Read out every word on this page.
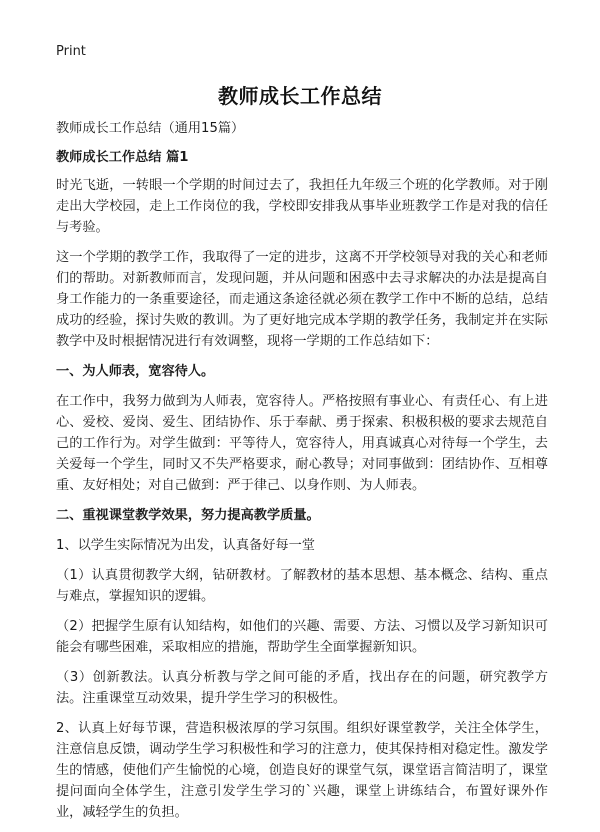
Print
教师成长工作总结

教师成长工作总结（通用15篇）

教师成长工作总结 篇1

时光飞逝，一转眼一个学期的时间过去了，我担任九年级三个班的化学教师。对于刚走出大学校园，走上工作岗位的我，学校即安排我从事毕业班教学工作是对我的信任与考验。

这一个学期的教学工作，我取得了一定的进步，这离不开学校领导对我的关心和老师们的帮助。对新教师而言，发现问题，并从问题和困惑中去寻求解决的办法是提高自身工作能力的一条重要途径，而走通这条途径就必须在教学工作中不断的总结，总结成功的经验，探讨失败的教训。为了更好地完成本学期的教学任务，我制定并在实际教学中及时根据情况进行有效调整，现将一学期的工作总结如下：

一、为人师表，宽容待人。

在工作中，我努力做到为人师表，宽容待人。严格按照有事业心、有责任心、有上进心、爱校、爱岗、爱生、团结协作、乐于奉献、勇于探索、积极积极的要求去规范自己的工作行为。对学生做到：平等待人，宽容待人，用真诚真心对待每一个学生，去关爱每一个学生，同时又不失严格要求，耐心教导；对同事做到：团结协作、互相尊重、友好相处；对自己做到：严于律己、以身作则、为人师表。

二、重视课堂教学效果，努力提高教学质量。

1、以学生实际情况为出发，认真备好每一堂

（1）认真贯彻教学大纲，钻研教材。了解教材的基本思想、基本概念、结构、重点与难点，掌握知识的逻辑。

（2）把握学生原有认知结构，如他们的兴趣、需要、方法、习惯以及学习新知识可能会有哪些困难，采取相应的措施，帮助学生全面掌握新知识。

（3）创新教法。认真分析教与学之间可能的矛盾，找出存在的问题，研究教学方法。注重课堂互动效果，提升学生学习的积极性。

2、认真上好每节课，营造积极浓厚的学习氛围。组织好课堂教学，关注全体学生，注意信息反馈，调动学生学习积极性和学习的注意力，使其保持相对稳定性。激发学生的情感，使他们产生愉悦的心境，创造良好的课堂气氛，课堂语言简洁明了，课堂提问面向全体学生，注意引发学生学习的`兴趣，课堂上讲练结合，布置好课外作业，减轻学生的负担。
